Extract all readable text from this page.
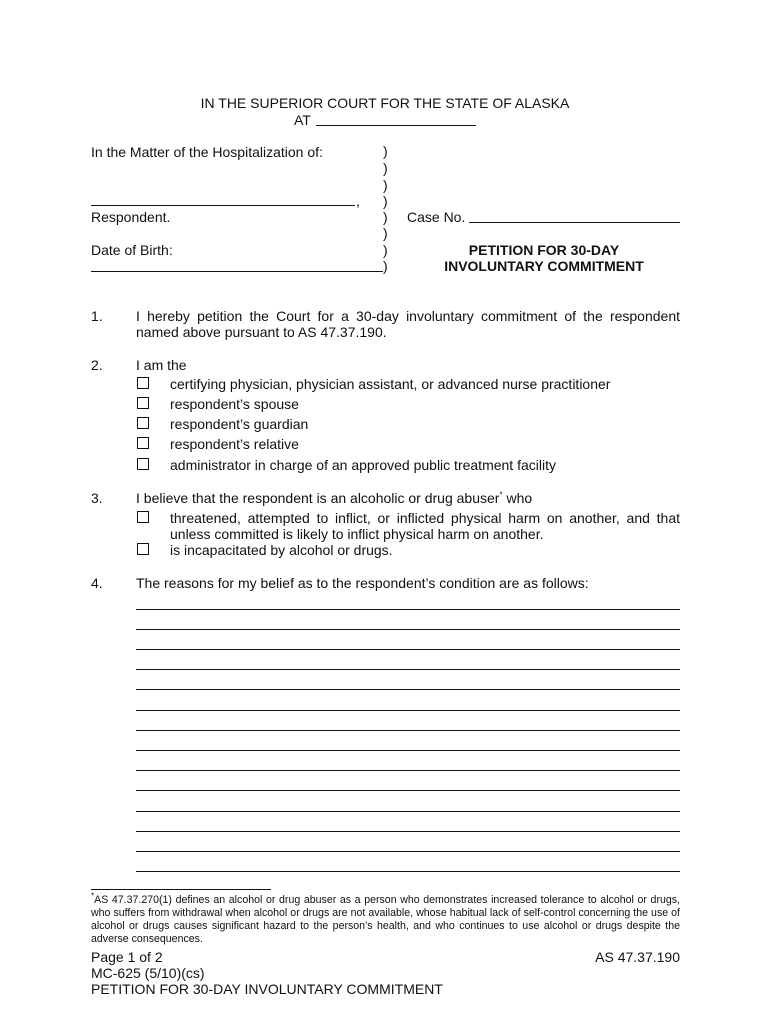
IN THE SUPERIOR COURT FOR THE STATE OF ALASKA
AT
In the Matter of the Hospitalization of:
,
Respondent.
Date of Birth:
)
)
)
)
)
)
)
)
Case No.
PETITION FOR 30-DAY
INVOLUNTARY COMMITMENT
1. I hereby petition the Court for a 30-day involuntary commitment of the respondent named above pursuant to AS 47.37.190.
2. I am the
certifying physician, physician assistant, or advanced nurse practitioner
respondent’s spouse
respondent’s guardian
respondent’s relative
administrator in charge of an approved public treatment facility
3. I believe that the respondent is an alcoholic or drug abuser* who
threatened, attempted to inflict, or inflicted physical harm on another, and that unless committed is likely to inflict physical harm on another.
is incapacitated by alcohol or drugs.
4. The reasons for my belief as to the respondent’s condition are as follows:
*AS 47.37.270(1) defines an alcohol or drug abuser as a person who demonstrates increased tolerance to alcohol or drugs, who suffers from withdrawal when alcohol or drugs are not available, whose habitual lack of self-control concerning the use of alcohol or drugs causes significant hazard to the person’s health, and who continues to use alcohol or drugs despite the adverse consequences.
Page 1 of 2	AS 47.37.190
MC-625 (5/10)(cs)
PETITION FOR 30-DAY INVOLUNTARY COMMITMENT
